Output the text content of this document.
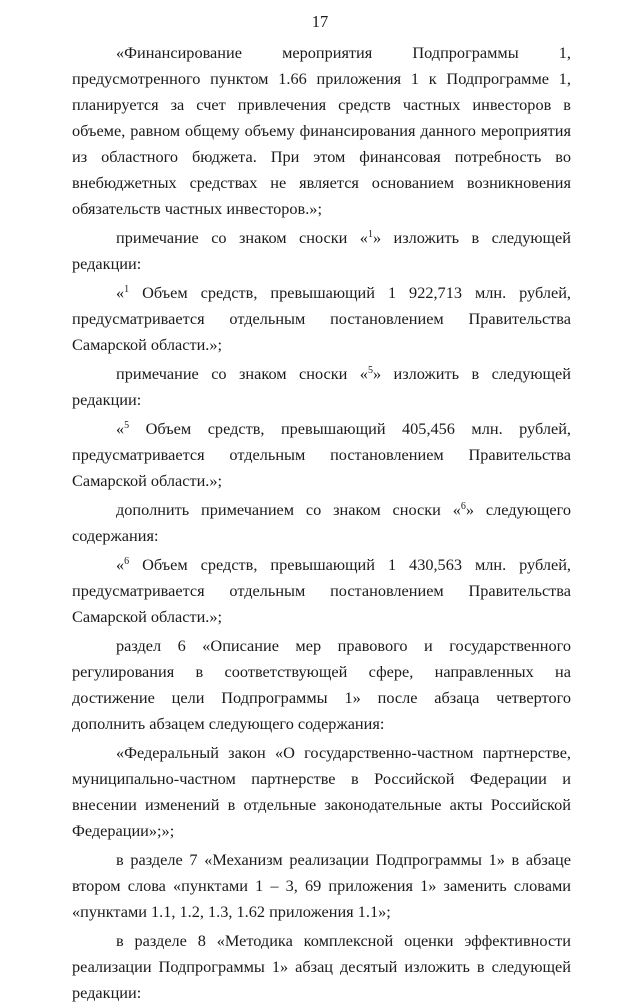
17

«Финансирование мероприятия Подпрограммы 1, предусмотренного пунктом 1.66 приложения 1 к Подпрограмме 1, планируется за счет привлечения средств частных инвесторов в объеме, равном общему объему финансирования данного мероприятия из областного бюджета. При этом финансовая потребность во внебюджетных средствах не является основанием возникновения обязательств частных инвесторов.»;

примечание со знаком сноски «$^1$» изложить в следующей редакции:

«$^1$ Объем средств, превышающий 1 922,713 млн. рублей, предусматривается отдельным постановлением Правительства Самарской области.»;

примечание со знаком сноски «$^5$» изложить в следующей редакции:

«$^5$ Объем средств, превышающий 405,456 млн. рублей, предусматривается отдельным постановлением Правительства Самарской области.»;

дополнить примечанием со знаком сноски «$^6$» следующего содержания:

«$^6$ Объем средств, превышающий 1 430,563 млн. рублей, предусматривается отдельным постановлением Правительства Самарской области.»;

раздел 6 «Описание мер правового и государственного регулирования в соответствующей сфере, направленных на достижение цели Подпрограммы 1» после абзаца четвертого дополнить абзацем следующего содержания:

«Федеральный закон «О государственно-частном партнерстве, муниципально-частном партнерстве в Российской Федерации и внесении изменений в отдельные законодательные акты Российской Федерации»;»;

в разделе 7 «Механизм реализации Подпрограммы 1» в абзаце втором слова «пунктами 1 – 3, 69 приложения 1» заменить словами «пунктами 1.1, 1.2, 1.3, 1.62 приложения 1.1»;

в разделе 8 «Методика комплексной оценки эффективности реализации Подпрограммы 1» абзац десятый изложить в следующей редакции:
